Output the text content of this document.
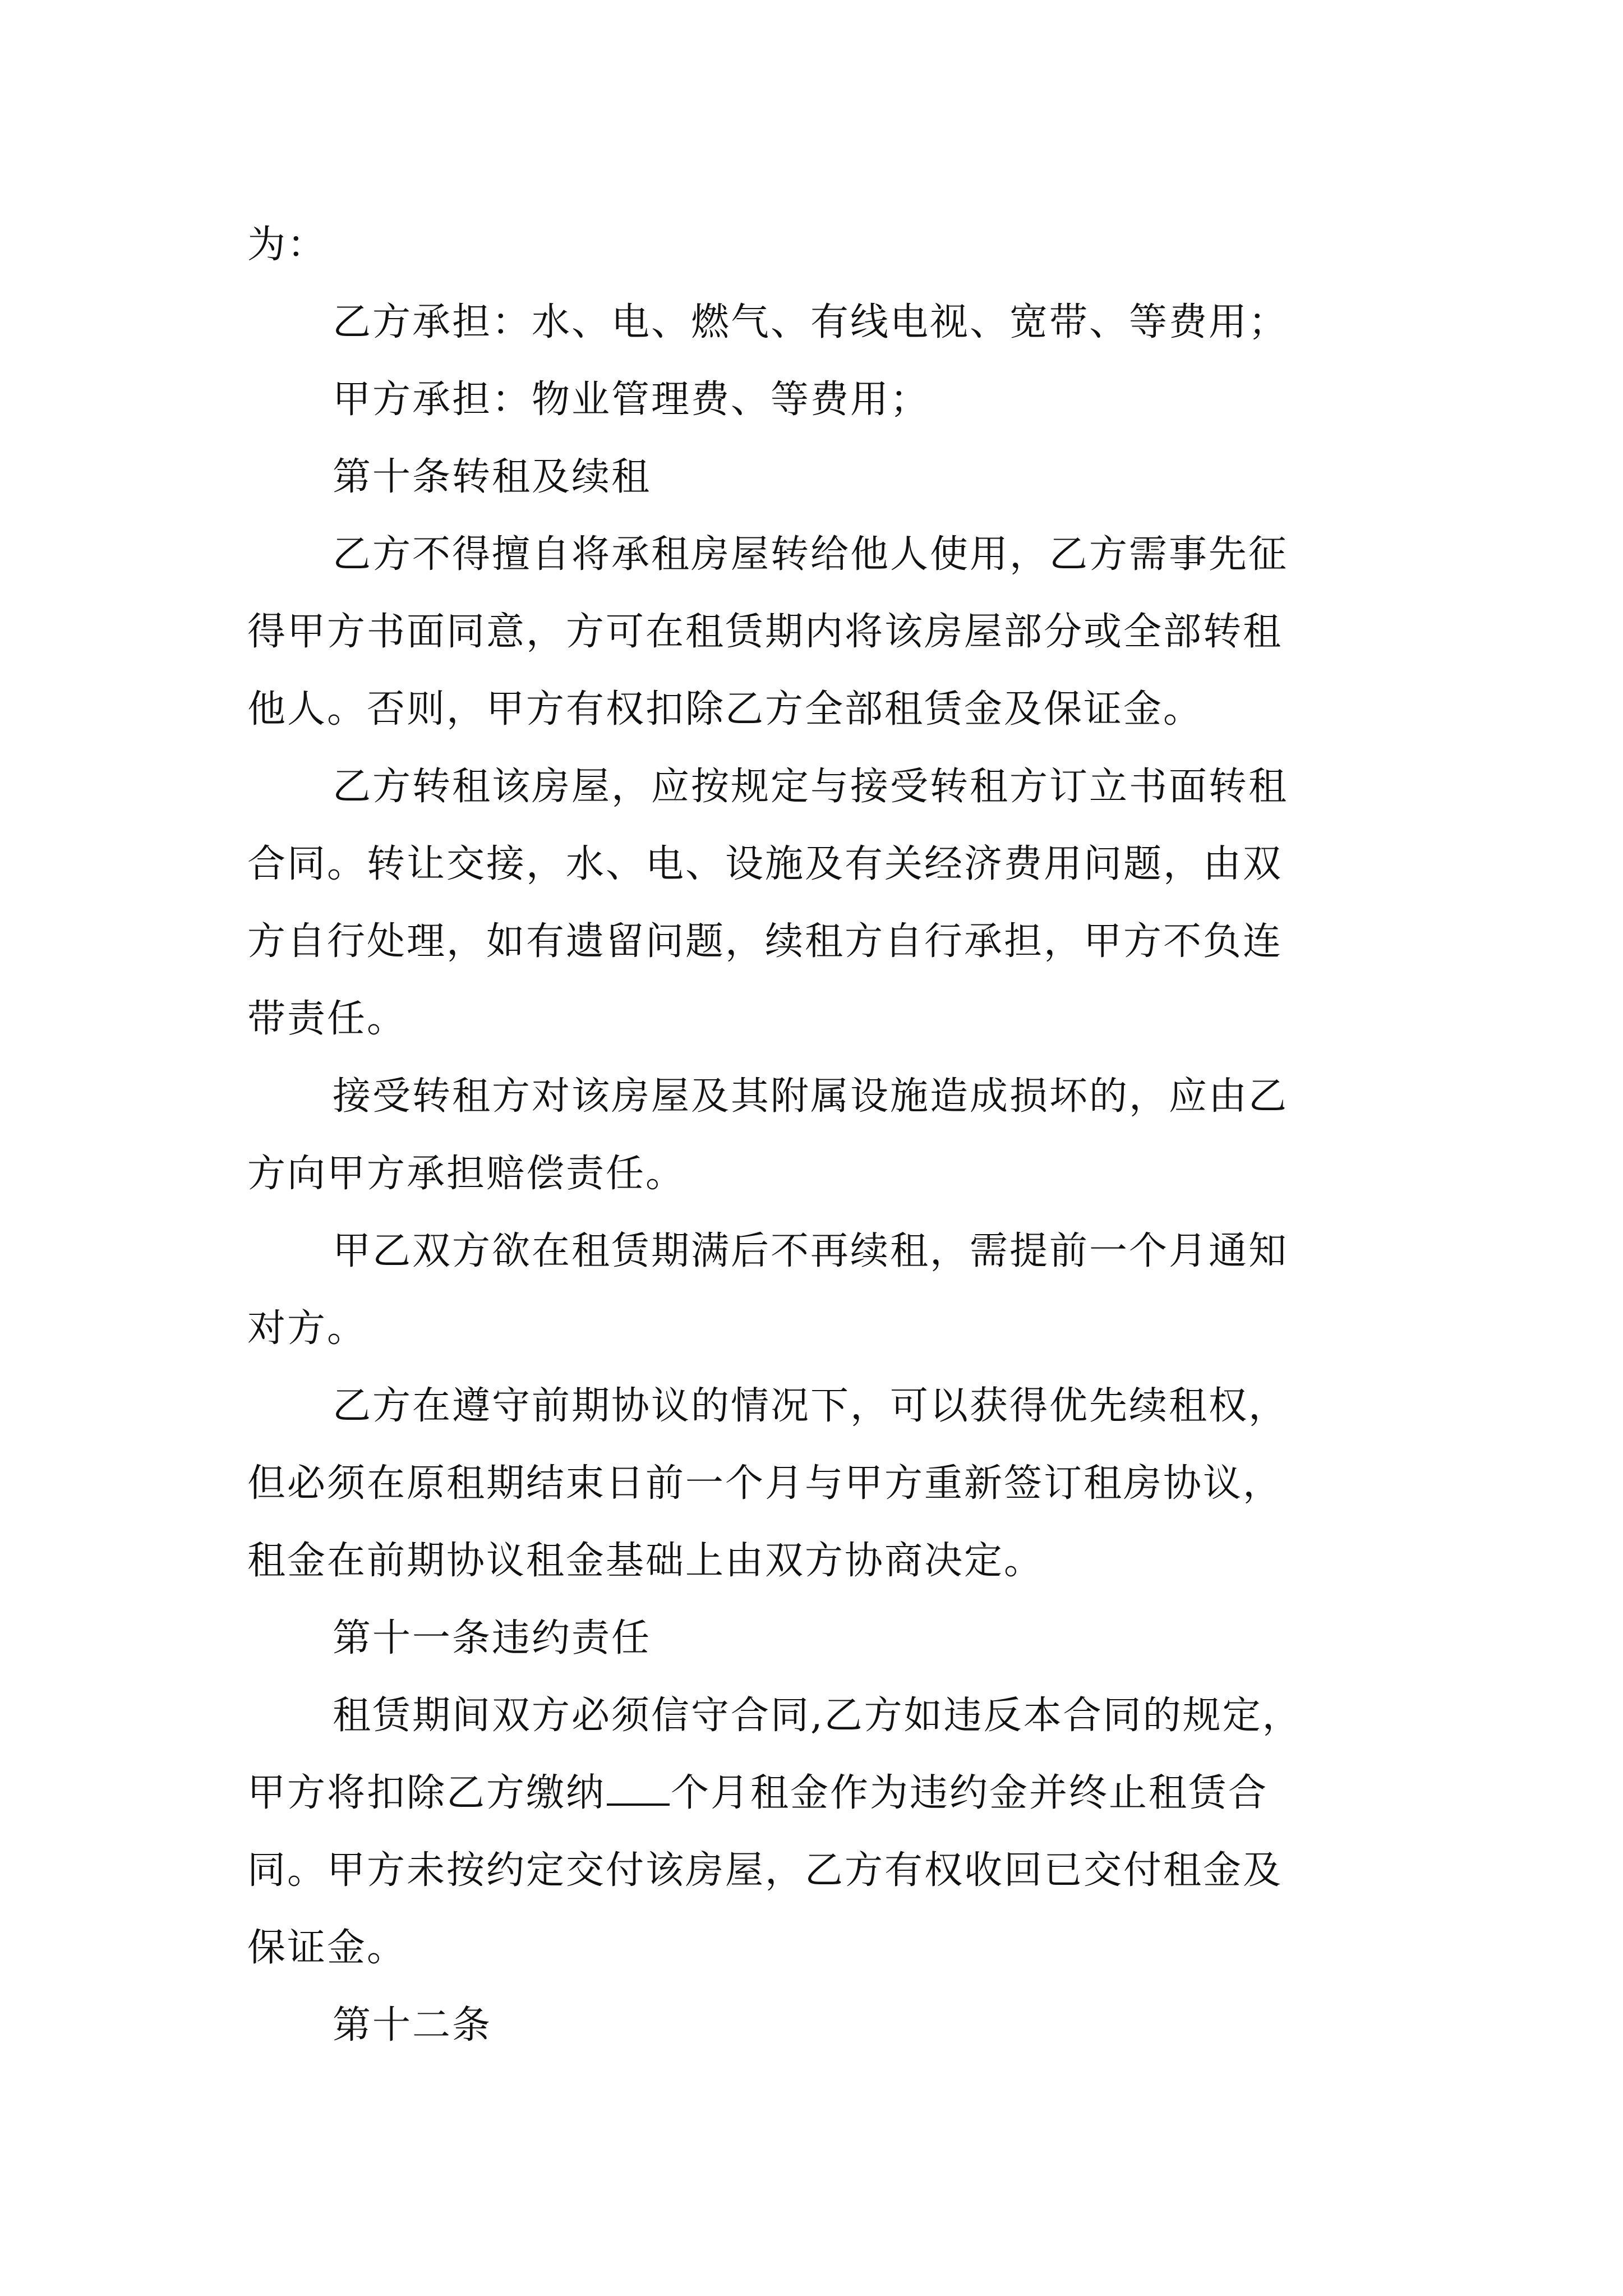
为：
乙方承担：水、电、燃气、有线电视、宽带、等费用；
甲方承担：物业管理费、等费用；
第十条转租及续租
乙方不得擅自将承租房屋转给他人使用，乙方需事先征
得甲方书面同意，方可在租赁期内将该房屋部分或全部转租
他人。否则，甲方有权扣除乙方全部租赁金及保证金。
乙方转租该房屋，应按规定与接受转租方订立书面转租
合同。转让交接，水、电、设施及有关经济费用问题，由双
方自行处理，如有遗留问题，续租方自行承担，甲方不负连
带责任。
接受转租方对该房屋及其附属设施造成损坏的，应由乙
方向甲方承担赔偿责任。
甲乙双方欲在租赁期满后不再续租，需提前一个月通知
对方。
乙方在遵守前期协议的情况下，可以获得优先续租权，
但必须在原租期结束日前一个月与甲方重新签订租房协议，
租金在前期协议租金基础上由双方协商决定。
第十一条违约责任
租赁期间双方必须信守合同,乙方如违反本合同的规定，
甲方将扣除乙方缴纳 个月租金作为违约金并终止租赁合
同。甲方未按约定交付该房屋，乙方有权收回已交付租金及
保证金。
第十二条
